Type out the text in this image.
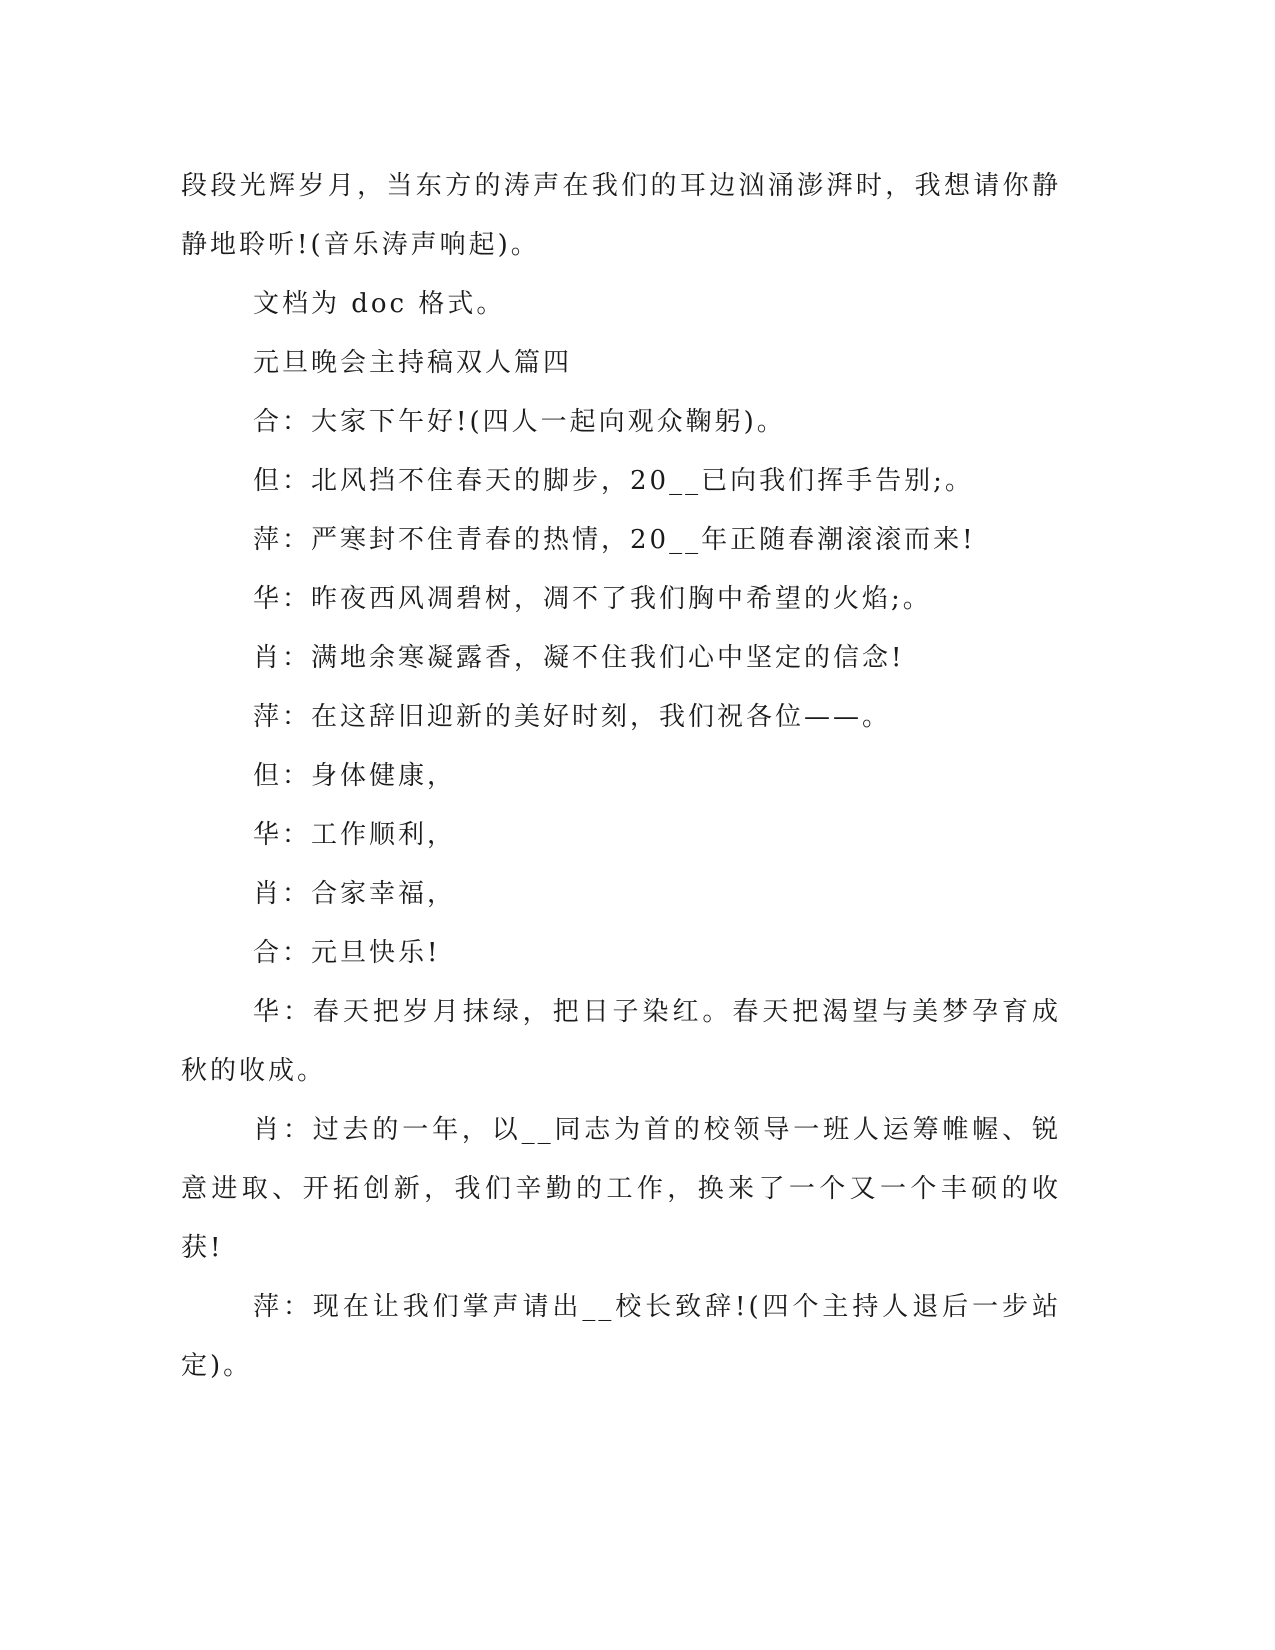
段段光辉岁月，当东方的涛声在我们的耳边汹涌澎湃时，我想请你静静地聆听!(音乐涛声响起)。

文档为 doc 格式。

元旦晚会主持稿双人篇四

合：大家下午好!(四人一起向观众鞠躬)。

但：北风挡不住春天的脚步，20__已向我们挥手告别;。

萍：严寒封不住青春的热情，20__年正随春潮滚滚而来!

华：昨夜西风凋碧树，凋不了我们胸中希望的火焰;。

肖：满地余寒凝露香，凝不住我们心中坚定的信念!

萍：在这辞旧迎新的美好时刻，我们祝各位——。

但：身体健康，

华：工作顺利，

肖：合家幸福，

合：元旦快乐!

华：春天把岁月抹绿，把日子染红。春天把渴望与美梦孕育成秋的收成。

肖：过去的一年，以__同志为首的校领导一班人运筹帷幄、锐意进取、开拓创新，我们辛勤的工作，换来了一个又一个丰硕的收获!

萍：现在让我们掌声请出__校长致辞!(四个主持人退后一步站定)。
